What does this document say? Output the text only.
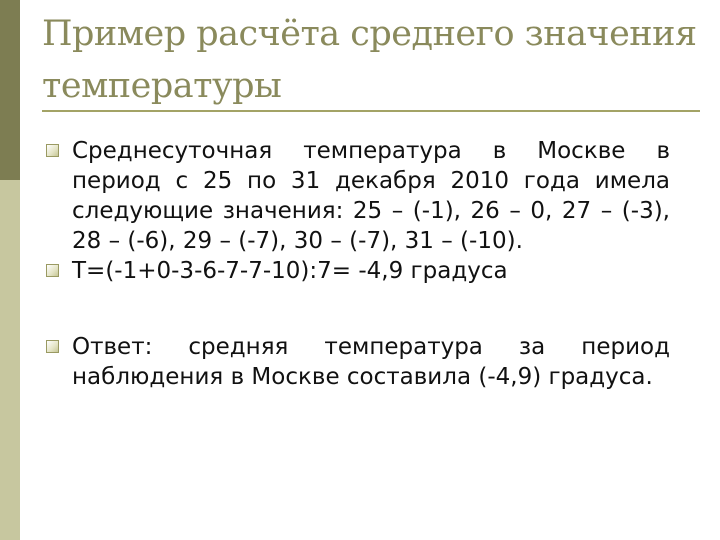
Пример расчёта среднего значения температуры
Среднесуточная температура в Москве в период с 25 по 31 декабря 2010 года имела следующие значения: 25 – (-1), 26 – 0, 27 – (-3), 28 – (-6), 29 – (-7), 30 – (-7), 31 – (-10).
Т=(-1+0-3-6-7-7-10):7= -4,9 градуса
Ответ: средняя температура за период наблюдения в Москве составила (-4,9) градуса.
